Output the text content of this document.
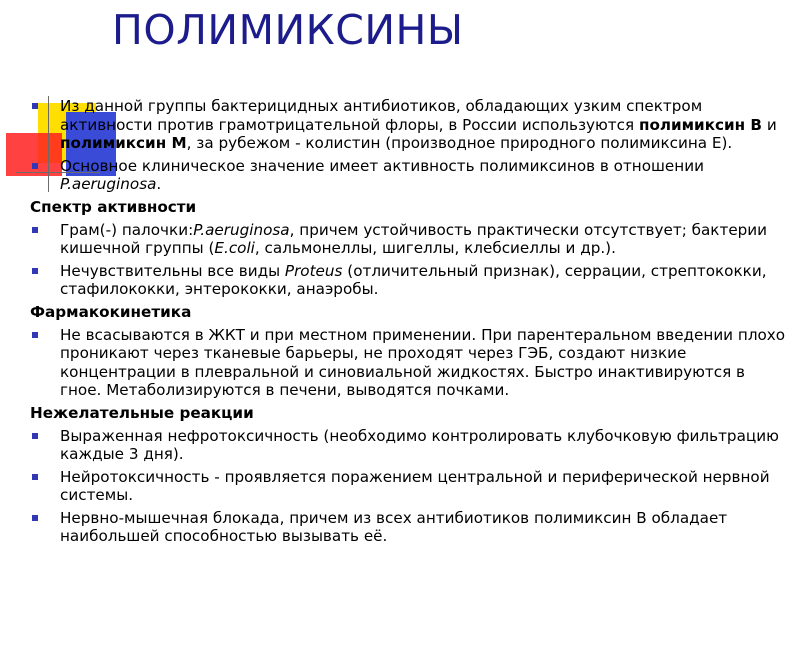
ПОЛИМИКСИНЫ
Из данной группы бактерицидных антибиотиков, обладающих узким спектром активности против грамотрицательной флоры, в России используются полимиксин В и полимиксин М, за рубежом - колистин (производное природного полимиксина Е).
Основное клиническое значение имеет активность полимиксинов в отношении P.aeruginosa.
Спектр активности
Грам(-) палочки:P.aeruginosa, причем устойчивость практически отсутствует; бактерии кишечной группы (E.coli, сальмонеллы, шигеллы, клебсиеллы и др.).
Нечувствительны все виды Proteus (отличительный признак), серрации, стрептококки, стафилококки, энтерококки, анаэробы.
Фармакокинетика
Не всасываются в ЖКТ и при местном применении. При парентеральном введении плохо проникают через тканевые барьеры, не проходят через ГЭБ, создают низкие концентрации в плевральной и синовиальной жидкостях. Быстро инактивируются в гное. Метаболизируются в печени, выводятся почками.
Нежелательные реакции
Выраженная нефротоксичность (необходимо контролировать клубочковую фильтрацию каждые 3 дня).
Нейротоксичность - проявляется поражением центральной и периферической нервной системы.
Нервно-мышечная блокада, причем из всех антибиотиков полимиксин В обладает наибольшей способностью вызывать её.
